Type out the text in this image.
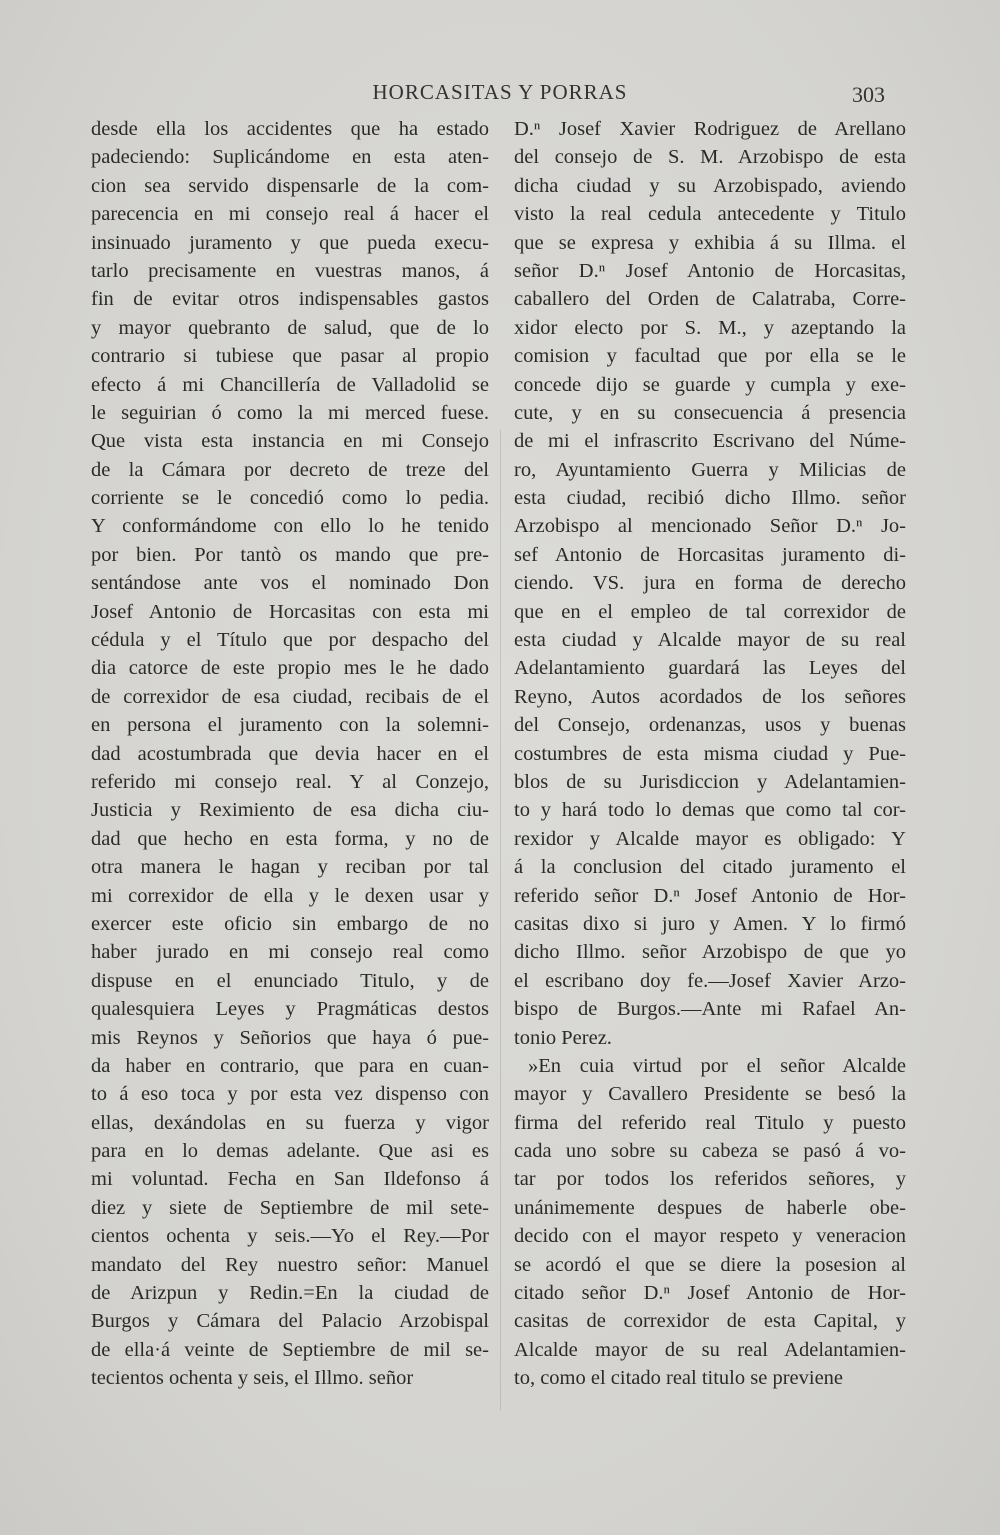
HORCASITAS Y PORRAS	303
desde ella los accidentes que ha estado
padeciendo: Suplicándome en esta aten-
cion sea servido dispensarle de la com-
parecencia en mi consejo real á hacer el
insinuado juramento y que pueda execu-
tarlo precisamente en vuestras manos, á
fin de evitar otros indispensables gastos
y mayor quebranto de salud, que de lo
contrario si tubiese que pasar al propio
efecto á mi Chancillería de Valladolid se
le seguirian ó como la mi merced fuese.
Que vista esta instancia en mi Consejo
de la Cámara por decreto de treze del
corriente se le concedió como lo pedia.
Y conformándome con ello lo he tenido
por bien. Por tantò os mando que pre-
sentándose ante vos el nominado Don
Josef Antonio de Horcasitas con esta mi
cédula y el Título que por despacho del
dia catorce de este propio mes le he dado
de correxidor de esa ciudad, recibais de el
en persona el juramento con la solemni-
dad acostumbrada que devia hacer en el
referido mi consejo real. Y al Conzejo,
Justicia y Reximiento de esa dicha ciu-
dad que hecho en esta forma, y no de
otra manera le hagan y reciban por tal
mi correxidor de ella y le dexen usar y
exercer este oficio sin embargo de no
haber jurado en mi consejo real como
dispuse en el enunciado Titulo, y de
qualesquiera Leyes y Pragmáticas destos
mis Reynos y Señorios que haya ó pue-
da haber en contrario, que para en cuan-
to á eso toca y por esta vez dispenso con
ellas, dexándolas en su fuerza y vigor
para en lo demas adelante. Que asi es
mi voluntad. Fecha en San Ildefonso á
diez y siete de Septiembre de mil sete-
cientos ochenta y seis.—Yo el Rey.—Por
mandato del Rey nuestro señor: Manuel
de Arizpun y Redin.=En la ciudad de
Burgos y Cámara del Palacio Arzobispal
de ella·á veinte de Septiembre de mil se-
tecientos ochenta y seis, el Illmo. señor
D.ⁿ Josef Xavier Rodriguez de Arellano
del consejo de S. M. Arzobispo de esta
dicha ciudad y su Arzobispado, aviendo
visto la real cedula antecedente y Titulo
que se expresa y exhibia á su Illma. el
señor D.ⁿ Josef Antonio de Horcasitas,
caballero del Orden de Calatraba, Corre-
xidor electo por S. M., y azeptando la
comision y facultad que por ella se le
concede dijo se guarde y cumpla y exe-
cute, y en su consecuencia á presencia
de mi el infrascrito Escrivano del Núme-
ro, Ayuntamiento Guerra y Milicias de
esta ciudad, recibió dicho Illmo. señor
Arzobispo al mencionado Señor D.ⁿ Jo-
sef Antonio de Horcasitas juramento di-
ciendo. VS. jura en forma de derecho
que en el empleo de tal correxidor de
esta ciudad y Alcalde mayor de su real
Adelantamiento guardará las Leyes del
Reyno, Autos acordados de los señores
del Consejo, ordenanzas, usos y buenas
costumbres de esta misma ciudad y Pue-
blos de su Jurisdiccion y Adelantamien-
to y hará todo lo demas que como tal cor-
rexidor y Alcalde mayor es obligado: Y
á la conclusion del citado juramento el
referido señor D.ⁿ Josef Antonio de Hor-
casitas dixo si juro y Amen. Y lo firmó
dicho Illmo. señor Arzobispo de que yo
el escribano doy fe.—Josef Xavier Arzo-
bispo de Burgos.—Ante mi Rafael An-
tonio Perez.
»En cuia virtud por el señor Alcalde
mayor y Cavallero Presidente se besó la
firma del referido real Titulo y puesto
cada uno sobre su cabeza se pasó á vo-
tar por todos los referidos señores, y
unánimemente despues de haberle obe-
decido con el mayor respeto y veneracion
se acordó el que se diere la posesion al
citado señor D.ⁿ Josef Antonio de Hor-
casitas de correxidor de esta Capital, y
Alcalde mayor de su real Adelantamien-
to, como el citado real titulo se previene
